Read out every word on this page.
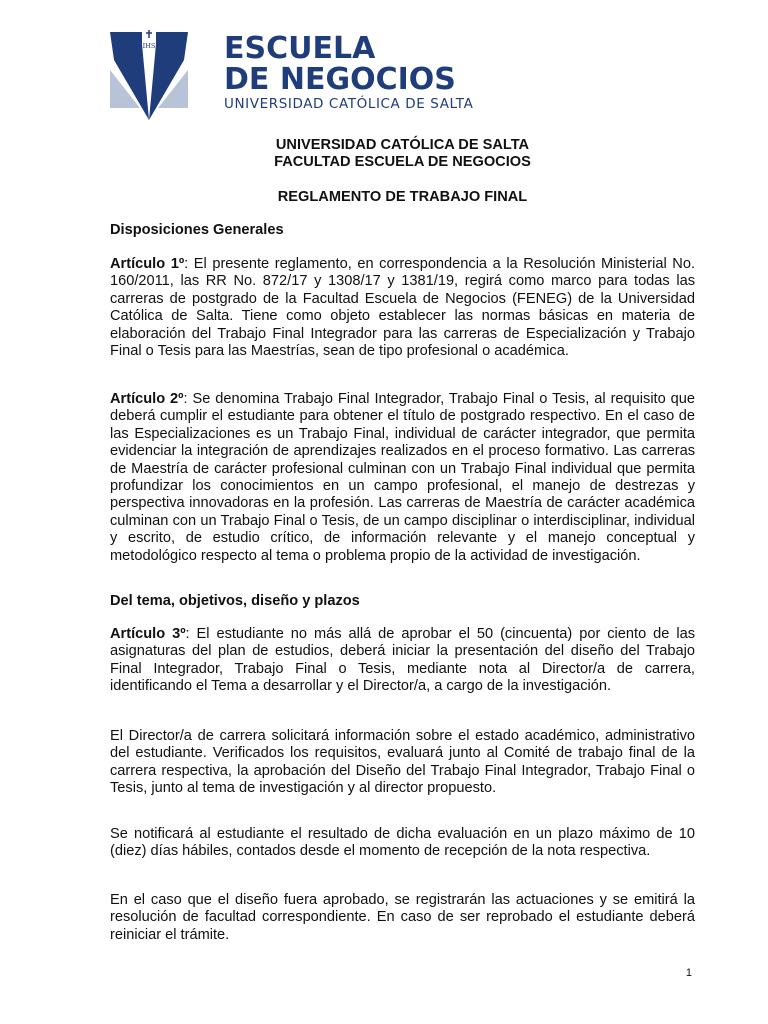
IHS ESCUELA
DE NEGOCIOS
UNIVERSIDAD CATÓLICA DE SALTA
UNIVERSIDAD CATÓLICA DE SALTA
FACULTAD ESCUELA DE NEGOCIOS
REGLAMENTO DE TRABAJO FINAL
Disposiciones Generales

Artículo 1º: El presente reglamento, en correspondencia a la Resolución Ministerial No. 160/2011, las RR No. 872/17 y 1308/17 y 1381/19, regirá como marco para todas las carreras de postgrado de la Facultad Escuela de Negocios (FENEG) de la Universidad Católica de Salta. Tiene como objeto establecer las normas básicas en materia de elaboración del Trabajo Final Integrador para las carreras de Especialización y Trabajo Final o Tesis para las Maestrías, sean de tipo profesional o académica.

Artículo 2º: Se denomina Trabajo Final Integrador, Trabajo Final o Tesis, al requisito que deberá cumplir el estudiante para obtener el título de postgrado respectivo. En el caso de las Especializaciones es un Trabajo Final, individual de carácter integrador, que permita evidenciar la integración de aprendizajes realizados en el proceso formativo. Las carreras de Maestría de carácter profesional culminan con un Trabajo Final individual que permita profundizar los conocimientos en un campo profesional, el manejo de destrezas y perspectiva innovadoras en la profesión. Las carreras de Maestría de carácter académica culminan con un Trabajo Final o Tesis, de un campo disciplinar o interdisciplinar, individual y escrito, de estudio crítico, de información relevante y el manejo conceptual y metodológico respecto al tema o problema propio de la actividad de investigación.

Del tema, objetivos, diseño y plazos

Artículo 3º: El estudiante no más allá de aprobar el 50 (cincuenta) por ciento de las asignaturas del plan de estudios, deberá iniciar la presentación del diseño del Trabajo Final Integrador, Trabajo Final o Tesis, mediante nota al Director/a de carrera, identificando el Tema a desarrollar y el Director/a, a cargo de la investigación.

El Director/a de carrera solicitará información sobre el estado académico, administrativo del estudiante. Verificados los requisitos, evaluará junto al Comité de trabajo final de la carrera respectiva, la aprobación del Diseño del Trabajo Final Integrador, Trabajo Final o Tesis, junto al tema de investigación y al director propuesto.

Se notificará al estudiante el resultado de dicha evaluación en un plazo máximo de 10 (diez) días hábiles, contados desde el momento de recepción de la nota respectiva.

En el caso que el diseño fuera aprobado, se registrarán las actuaciones y se emitirá la resolución de facultad correspondiente. En caso de ser reprobado el estudiante deberá reiniciar el trámite.

1
